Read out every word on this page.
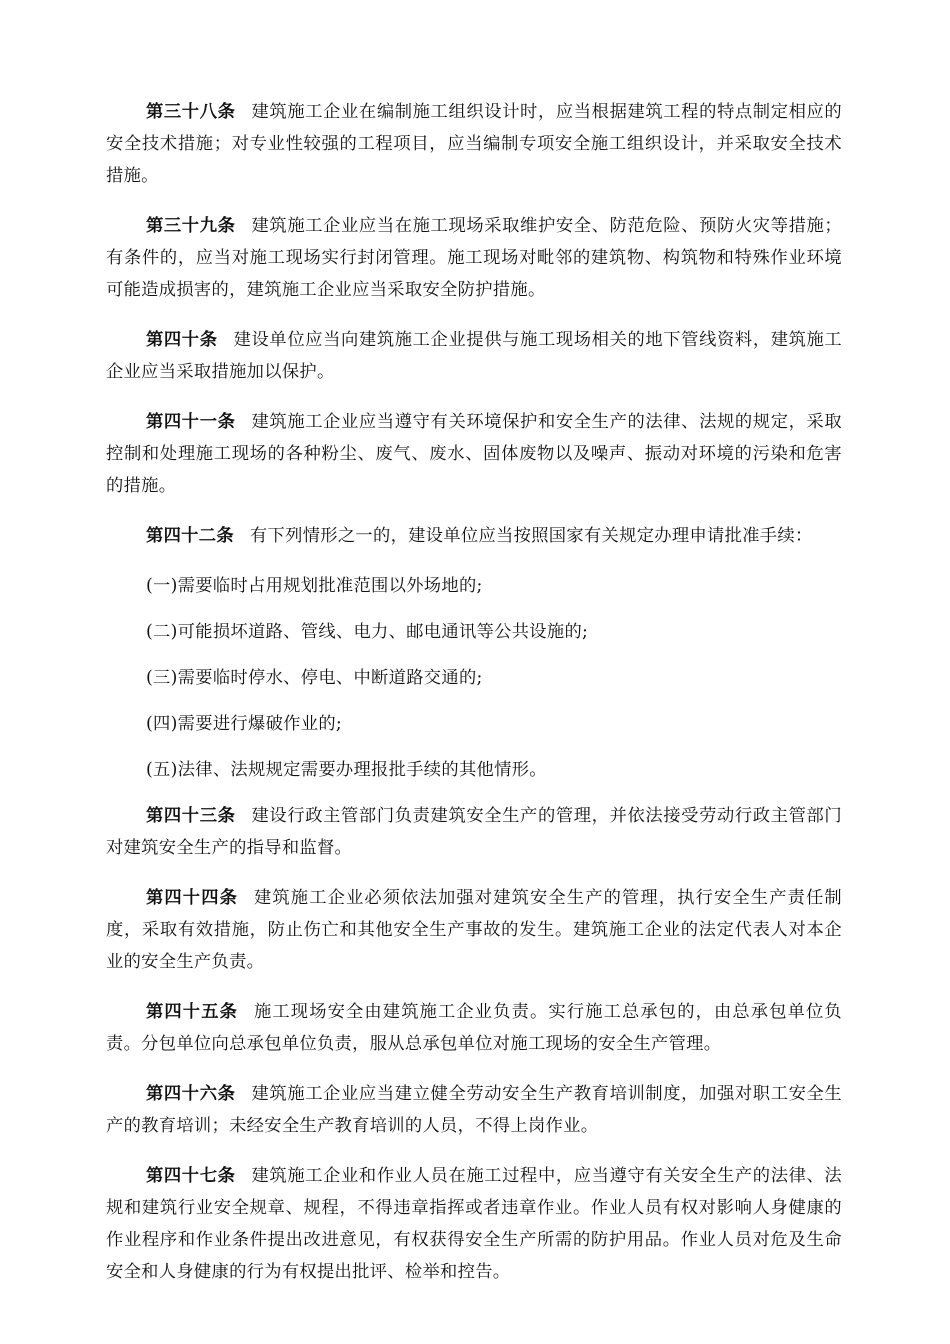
第三十八条 建筑施工企业在编制施工组织设计时，应当根据建筑工程的特点制定相应的安全技术措施；对专业性较强的工程项目，应当编制专项安全施工组织设计，并采取安全技术措施。

第三十九条 建筑施工企业应当在施工现场采取维护安全、防范危险、预防火灾等措施；有条件的，应当对施工现场实行封闭管理。施工现场对毗邻的建筑物、构筑物和特殊作业环境可能造成损害的，建筑施工企业应当采取安全防护措施。

第四十条 建设单位应当向建筑施工企业提供与施工现场相关的地下管线资料，建筑施工企业应当采取措施加以保护。

第四十一条 建筑施工企业应当遵守有关环境保护和安全生产的法律、法规的规定，采取控制和处理施工现场的各种粉尘、废气、废水、固体废物以及噪声、振动对环境的污染和危害的措施。

第四十二条 有下列情形之一的，建设单位应当按照国家有关规定办理申请批准手续：

(一)需要临时占用规划批准范围以外场地的;

(二)可能损坏道路、管线、电力、邮电通讯等公共设施的;

(三)需要临时停水、停电、中断道路交通的;

(四)需要进行爆破作业的;

(五)法律、法规规定需要办理报批手续的其他情形。

第四十三条 建设行政主管部门负责建筑安全生产的管理，并依法接受劳动行政主管部门对建筑安全生产的指导和监督。

第四十四条 建筑施工企业必须依法加强对建筑安全生产的管理，执行安全生产责任制度，采取有效措施，防止伤亡和其他安全生产事故的发生。建筑施工企业的法定代表人对本企业的安全生产负责。

第四十五条 施工现场安全由建筑施工企业负责。实行施工总承包的，由总承包单位负责。分包单位向总承包单位负责，服从总承包单位对施工现场的安全生产管理。

第四十六条 建筑施工企业应当建立健全劳动安全生产教育培训制度，加强对职工安全生产的教育培训；未经安全生产教育培训的人员，不得上岗作业。

第四十七条 建筑施工企业和作业人员在施工过程中，应当遵守有关安全生产的法律、法规和建筑行业安全规章、规程，不得违章指挥或者违章作业。作业人员有权对影响人身健康的作业程序和作业条件提出改进意见，有权获得安全生产所需的防护用品。作业人员对危及生命安全和人身健康的行为有权提出批评、检举和控告。
